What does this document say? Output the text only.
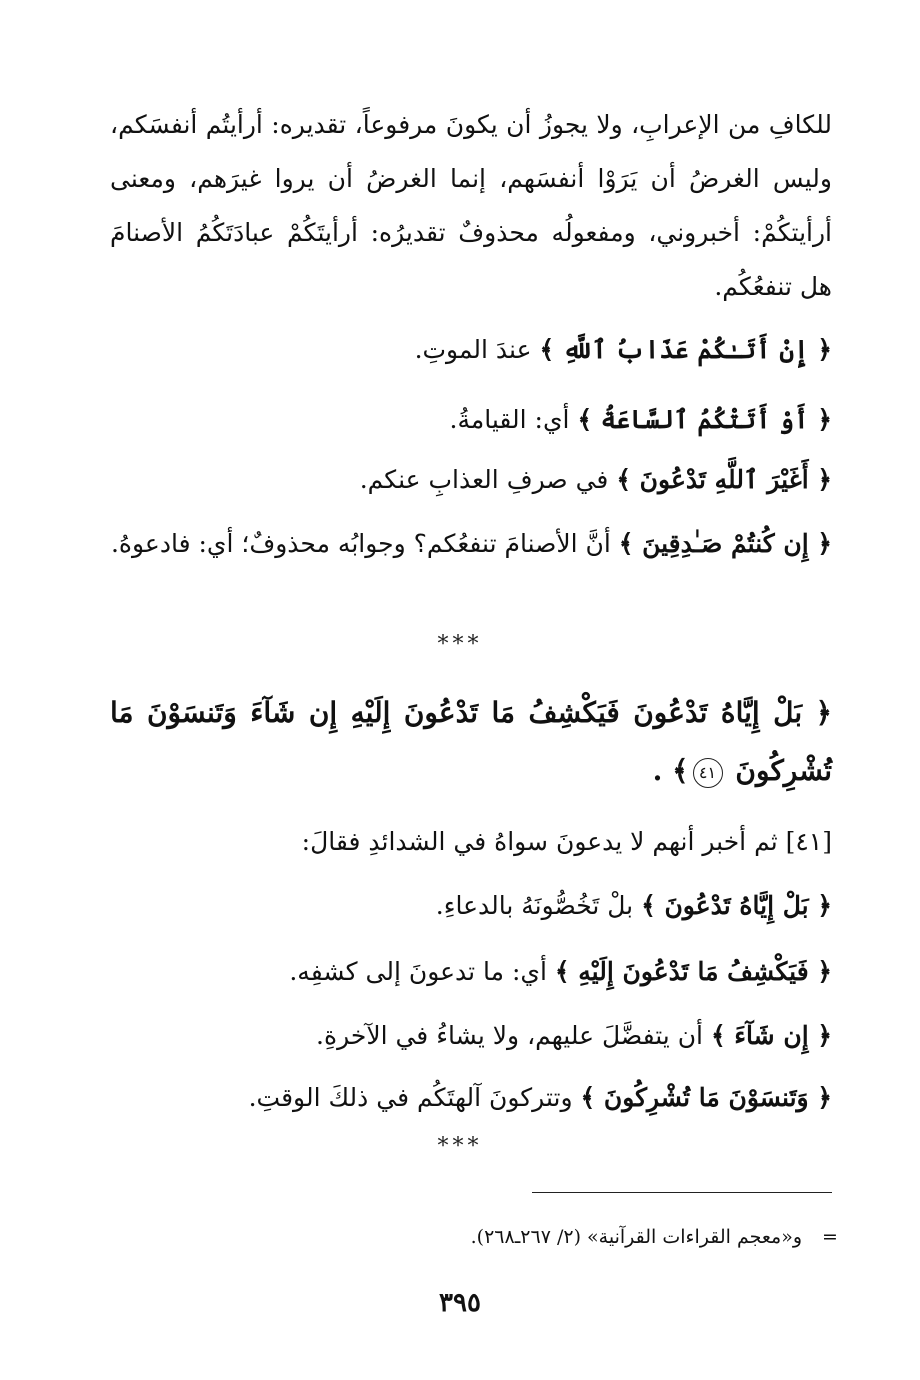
للكافِ من الإعرابِ، ولا يجوزُ أن يكونَ مرفوعاً، تقديره: أرأيتُم أنفسَكم، وليس الغرضُ أن يَرَوْا أنفسَهم، إنما الغرضُ أن يروا غيرَهم، ومعنى أرأيتكُمْ: أخبروني، ومفعولُه محذوفٌ تقديرُه: أرأيتَكُمْ عبادَتَكُمُ الأصنامَ هل تنفعُكُم.
﴿ إِنْ أَتَـٰكُمْ عَذَابُ ٱللَّهِ ﴾ عندَ الموتِ.
﴿ أَوْ أَتَتْكُمُ ٱلسَّاعَةُ ﴾ أي: القيامةُ.
﴿ أَغَيْرَ ٱللَّهِ تَدْعُونَ ﴾ في صرفِ العذابِ عنكم.
﴿ إِن كُنتُمْ صَـٰدِقِينَ ﴾ أنَّ الأصنامَ تنفعُكم؟ وجوابُه محذوفٌ؛ أي: فادعوهُ.
***
﴿ بَلْ إِيَّاهُ تَدْعُونَ فَيَكْشِفُ مَا تَدْعُونَ إِلَيْهِ إِن شَآءَ وَتَنسَوْنَ مَا تُشْرِكُونَ ٤١﴾ .
[٤١] ثم أخبر أنهم لا يدعونَ سواهُ في الشدائدِ فقالَ:
﴿ بَلْ إِيَّاهُ تَدْعُونَ ﴾ بلْ تَخُصُّونَهُ بالدعاءِ.
﴿ فَيَكْشِفُ مَا تَدْعُونَ إِلَيْهِ ﴾ أي: ما تدعونَ إلى كشفِه.
﴿ إِن شَآءَ ﴾ أن يتفضَّلَ عليهم، ولا يشاءُ في الآخرةِ.
﴿ وَتَنسَوْنَ مَا تُشْرِكُونَ ﴾ وتتركونَ آلهتَكُم في ذلكَ الوقتِ.
***
و«معجم القراءات القرآنية» (٢/ ٢٦٧ـ٢٦٨). =
٣٩٥
